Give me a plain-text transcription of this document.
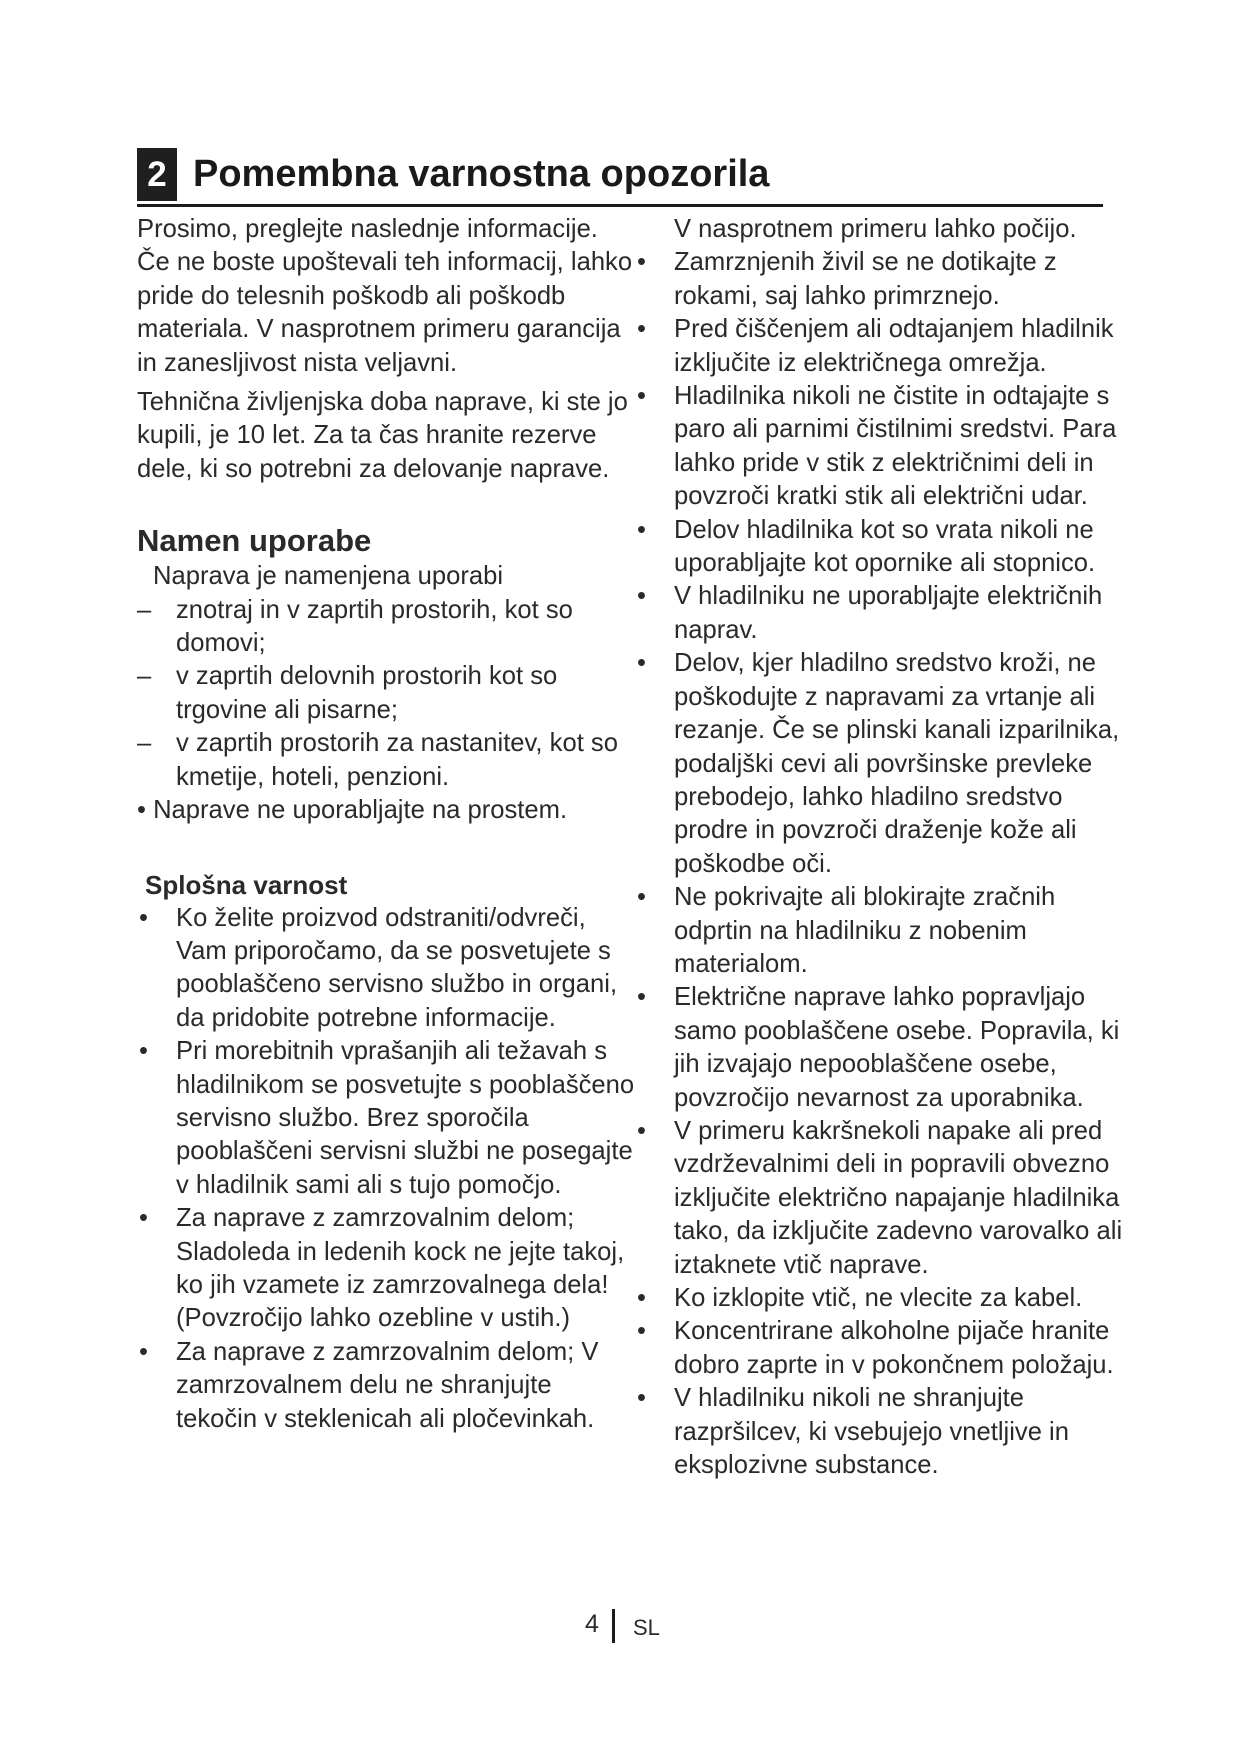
2 Pomembna varnostna opozorila

Prosimo, preglejte naslednje informacije. Če ne boste upoštevali teh informacij, lahko pride do telesnih poškodb ali poškodb materiala. V nasprotnem primeru garancija in zanesljivost nista veljavni.

Tehnična življenjska doba naprave, ki ste jo kupili, je 10 let. Za ta čas hranite rezerve dele, ki so potrebni za delovanje naprave.

Namen uporabe

Naprava je namenjena uporabi

– znotraj in v zaprtih prostorih, kot so domovi;
– v zaprtih delovnih prostorih kot so trgovine ali pisarne;
– v zaprtih prostorih za nastanitev, kot so kmetije, hoteli, penzioni.

• Naprave ne uporabljajte na prostem.

Splošna varnost
• Ko želite proizvod odstraniti/odvreči, Vam priporočamo, da se posvetujete s pooblaščeno servisno službo in organi, da pridobite potrebne informacije.
• Pri morebitnih vprašanjih ali težavah s hladilnikom se posvetujte s pooblaščeno servisno službo. Brez sporočila pooblaščeni servisni službi ne posegajte v hladilnik sami ali s tujo pomočjo.
• Za naprave z zamrzovalnim delom; Sladoleda in ledenih kock ne jejte takoj, ko jih vzamete iz zamrzovalnega dela! (Povzročijo lahko ozebline v ustih.)
• Za naprave z zamrzovalnim delom; V zamrzovalnem delu ne shranjujte tekočin v steklenicah ali pločevinkah.

V nasprotnem primeru lahko počijo.

• Zamrznjenih živil se ne dotikajte z rokami, saj lahko primrznejo.
• Pred čiščenjem ali odtajanjem hladilnik izključite iz električnega omrežja.
• Hladilnika nikoli ne čistite in odtajajte s paro ali parnimi čistilnimi sredstvi. Para lahko pride v stik z električnimi deli in povzroči kratki stik ali električni udar.
• Delov hladilnika kot so vrata nikoli ne uporabljajte kot opornike ali stopnico.
• V hladilniku ne uporabljajte električnih naprav.
• Delov, kjer hladilno sredstvo kroži, ne poškodujte z napravami za vrtanje ali rezanje. Če se plinski kanali izparilnika, podaljški cevi ali površinske prevleke prebodejo, lahko hladilno sredstvo prodre in povzroči draženje kože ali poškodbe oči.
• Ne pokrivajte ali blokirajte zračnih odprtin na hladilniku z nobenim materialom.
• Električne naprave lahko popravljajo samo pooblaščene osebe. Popravila, ki jih izvajajo nepooblaščene osebe, povzročijo nevarnost za uporabnika.
• V primeru kakršnekoli napake ali pred vzdrževalnimi deli in popravili obvezno izključite električno napajanje hladilnika tako, da izključite zadevno varovalko ali iztaknete vtič naprave.
• Ko izklopite vtič, ne vlecite za kabel.
• Koncentrirane alkoholne pijače hranite dobro zaprte in v pokončnem položaju.
• V hladilniku nikoli ne shranjujte razpršilcev, ki vsebujejo vnetljive in eksplozivne substance.
4 SL
